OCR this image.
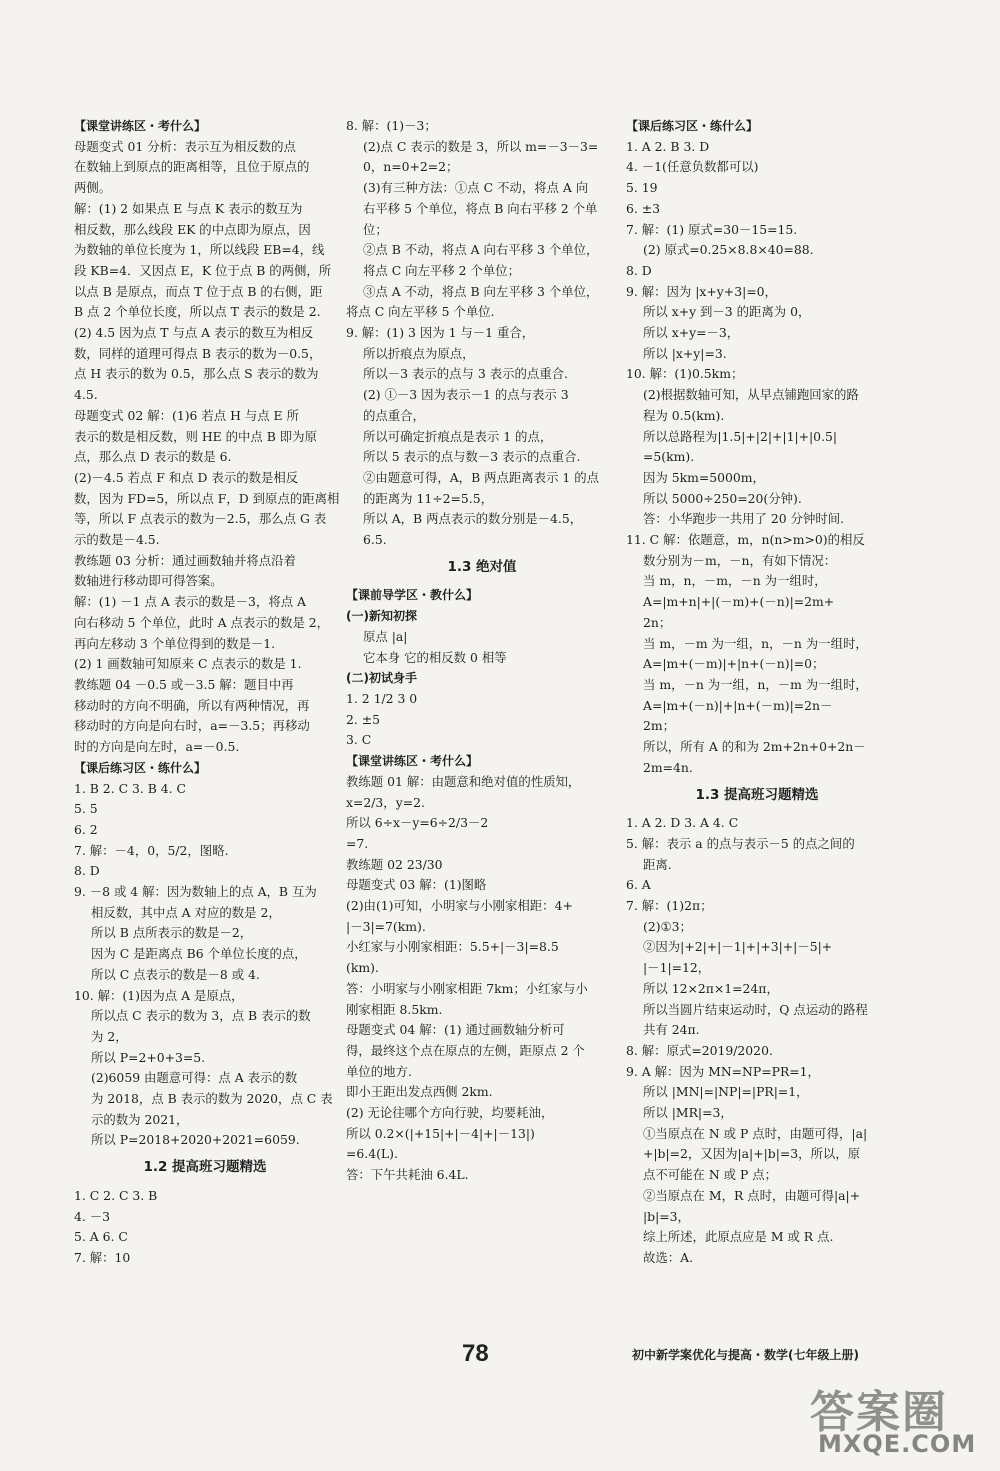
【课堂讲练区・考什么】
母题变式 01 分析：表示互为相反数的点
在数轴上到原点的距离相等，且位于原点的
两侧。
解：(1) 2 如果点 E 与点 K 表示的数互为
相反数，那么线段 EK 的中点即为原点，因
为数轴的单位长度为 1，所以线段 EB=4，线
段 KB=4．又因点 E，K 位于点 B 的两侧，所
以点 B 是原点，而点 T 位于点 B 的右侧，距
B 点 2 个单位长度，所以点 T 表示的数是 2.
(2) 4.5 因为点 T 与点 A 表示的数互为相反
数，同样的道理可得点 B 表示的数为－0.5，
点 H 表示的数为 0.5，那么点 S 表示的数为
4.5.
母题变式 02 解：(1)6 若点 H 与点 E 所
表示的数是相反数，则 HE 的中点 B 即为原
点，那么点 D 表示的数是 6.
(2)－4.5 若点 F 和点 D 表示的数是相反
数，因为 FD=5，所以点 F，D 到原点的距离相
等，所以 F 点表示的数为－2.5，那么点 G 表
示的数是－4.5.
教练题 03 分析：通过画数轴并将点沿着
数轴进行移动即可得答案。
解：(1) －1 点 A 表示的数是－3，将点 A
向右移动 5 个单位，此时 A 点表示的数是 2，
再向左移动 3 个单位得到的数是－1.
(2) 1 画数轴可知原来 C 点表示的数是 1.
教练题 04 －0.5 或－3.5 解：题目中再
移动时的方向不明确，所以有两种情况，再
移动时的方向是向右时，a=－3.5；再移动
时的方向是向左时，a=－0.5.
【课后练习区・练什么】
1. B 2. C 3. B 4. C
5. 5
6. 2
7. 解：－4，0，5/2，图略.
8. D
9. －8 或 4 解：因为数轴上的点 A，B 互为
相反数，其中点 A 对应的数是 2，
所以 B 点所表示的数是－2，
因为 C 是距离点 B6 个单位长度的点，
所以 C 点表示的数是－8 或 4.
10. 解：(1)因为点 A 是原点，
所以点 C 表示的数为 3，点 B 表示的数
为 2，
所以 P=2+0+3=5.
(2)6059 由题意可得：点 A 表示的数
为 2018，点 B 表示的数为 2020，点 C 表
示的数为 2021，
所以 P=2018+2020+2021=6059.
1.2 提高班习题精选
1. C 2. C 3. B
4. －3
5. A 6. C
7. 解：10
8. 解：(1)－3；
(2)点 C 表示的数是 3，所以 m=－3－3=
0，n=0+2=2；
(3)有三种方法：①点 C 不动，将点 A 向
右平移 5 个单位，将点 B 向右平移 2 个单
位；
②点 B 不动，将点 A 向右平移 3 个单位，
将点 C 向左平移 2 个单位；
③点 A 不动，将点 B 向左平移 3 个单位，
将点 C 向左平移 5 个单位.
9. 解：(1) 3 因为 1 与－1 重合，
所以折痕点为原点，
所以－3 表示的点与 3 表示的点重合.
(2) ①－3 因为表示－1 的点与表示 3
的点重合，
所以可确定折痕点是表示 1 的点，
所以 5 表示的点与数－3 表示的点重合.
②由题意可得，A，B 两点距离表示 1 的点
的距离为 11÷2=5.5，
所以 A，B 两点表示的数分别是－4.5，
6.5.
1.3 绝对值
【课前导学区・教什么】
(一)新知初探
原点 |a|
它本身 它的相反数 0 相等
(二)初试身手
1. 2 1/2 3 0
2. ±5
3. C
【课堂讲练区・考什么】
教练题 01 解：由题意和绝对值的性质知，
x=2/3，y=2.
所以 6÷x－y=6÷2/3－2
=7.
教练题 02 23/30
母题变式 03 解：(1)图略
(2)由(1)可知，小明家与小刚家相距：4+
|－3|=7(km).
小红家与小刚家相距：5.5+|－3|=8.5
(km).
答：小明家与小刚家相距 7km；小红家与小
刚家相距 8.5km.
母题变式 04 解：(1) 通过画数轴分析可
得，最终这个点在原点的左侧，距原点 2 个
单位的地方.
即小王距出发点西侧 2km.
(2) 无论往哪个方向行驶，均要耗油，
所以 0.2×(|+15|+|－4|+|－13|)
=6.4(L).
答：下午共耗油 6.4L.
【课后练习区・练什么】
1. A 2. B 3. D
4. －1(任意负数都可以)
5. 19
6. ±3
7. 解：(1) 原式=30－15=15.
(2) 原式=0.25×8.8×40=88.
8. D
9. 解：因为 |x+y+3|=0，
所以 x+y 到－3 的距离为 0，
所以 x+y=－3，
所以 |x+y|=3.
10. 解：(1)0.5km；
(2)根据数轴可知，从早点铺跑回家的路
程为 0.5(km).
所以总路程为|1.5|+|2|+|1|+|0.5|
=5(km).
因为 5km=5000m，
所以 5000÷250=20(分钟).
答：小华跑步一共用了 20 分钟时间.
11. C 解：依题意，m，n(n>m>0)的相反
数分别为－m，－n，有如下情况：
当 m，n，－m，－n 为一组时，
A=|m+n|+|(－m)+(－n)|=2m+
2n；
当 m，－m 为一组，n，－n 为一组时，
A=|m+(－m)|+|n+(－n)|=0；
当 m，－n 为一组，n，－m 为一组时，
A=|m+(－n)|+|n+(－m)|=2n－
2m；
所以，所有 A 的和为 2m+2n+0+2n－
2m=4n.
1.3 提高班习题精选
1. A 2. D 3. A 4. C
5. 解：表示 a 的点与表示－5 的点之间的
距离.
6. A
7. 解：(1)2π；
(2)①3；
②因为|+2|+|－1|+|+3|+|－5|+
|－1|=12，
所以 12×2π×1=24π，
所以当圆片结束运动时，Q 点运动的路程
共有 24π.
8. 解：原式=2019/2020.
9. A 解：因为 MN=NP=PR=1，
所以 |MN|=|NP|=|PR|=1，
所以 |MR|=3，
①当原点在 N 或 P 点时，由题可得，|a|
+|b|=2，又因为|a|+|b|=3，所以，原
点不可能在 N 或 P 点；
②当原点在 M，R 点时，由题可得|a|+
|b|=3，
综上所述，此原点应是 M 或 R 点.
故选：A.
78	初中新学案优化与提高・数学(七年级上册)
答案圈
MXQE.COM
